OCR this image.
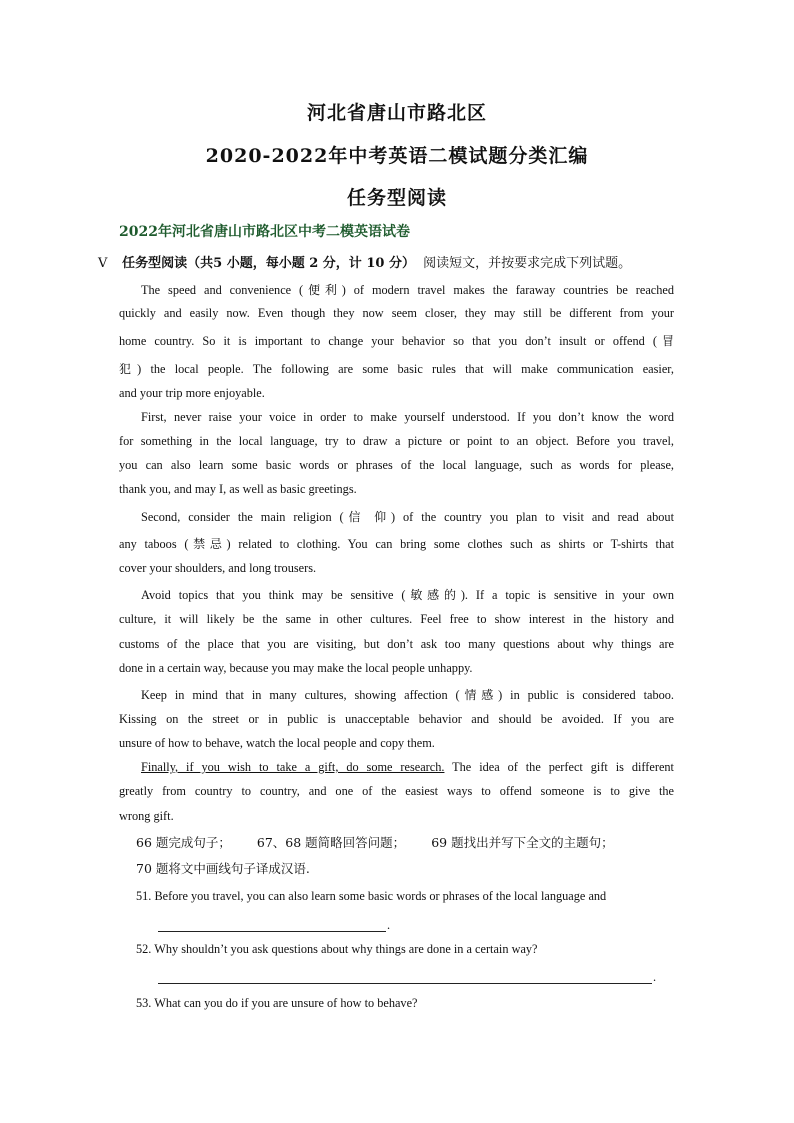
河北省唐山市路北区
2020-2022年中考英语二模试题分类汇编
任务型阅读
2022年河北省唐山市路北区中考二模英语试卷
V 任务型阅读（共5 小题，每小题 2 分，计 10 分） 阅读短文，并按要求完成下列试题。
The speed and convenience (便利) of modern travel makes the faraway countries be reached
quickly and easily now. Even though they now seem closer, they may still be different from your
home country. So it is important to change your behavior so that you don’t insult or offend (冒
犯) the local people. The following are some basic rules that will make communication easier,
and your trip more enjoyable.
First, never raise your voice in order to make yourself understood. If you don’t know the word
for something in the local language, try to draw a picture or point to an object. Before you travel,
you can also learn some basic words or phrases of the local language, such as words for please,
thank you, and may I, as well as basic greetings.
Second, consider the main religion (信 仰) of the country you plan to visit and read about
any taboos (禁忌) related to clothing. You can bring some clothes such as shirts or T-shirts that
cover your shoulders, and long trousers.
Avoid topics that you think may be sensitive (敏感的). If a topic is sensitive in your own
culture, it will likely be the same in other cultures. Feel free to show interest in the history and
customs of the place that you are visiting, but don’t ask too many questions about why things are
done in a certain way, because you may make the local people unhappy.
Keep in mind that in many cultures, showing affection (情感) in public is considered taboo.
Kissing on the street or in public is unacceptable behavior and should be avoided. If you are
unsure of how to behave, watch the local people and copy them.
Finally, if you wish to take a gift, do some research. The idea of the perfect gift is different
greatly from country to country, and one of the easiest ways to offend someone is to give the
wrong gift.
66 题完成句子； 67、68 题简略回答问题； 69 题找出并写下全文的主题句；
70 题将文中画线句子译成汉语.
51. Before you travel, you can also learn some basic words or phrases of the local language and
.
52. Why shouldn’t you ask questions about why things are done in a certain way?
.
53. What can you do if you are unsure of how to behave?
